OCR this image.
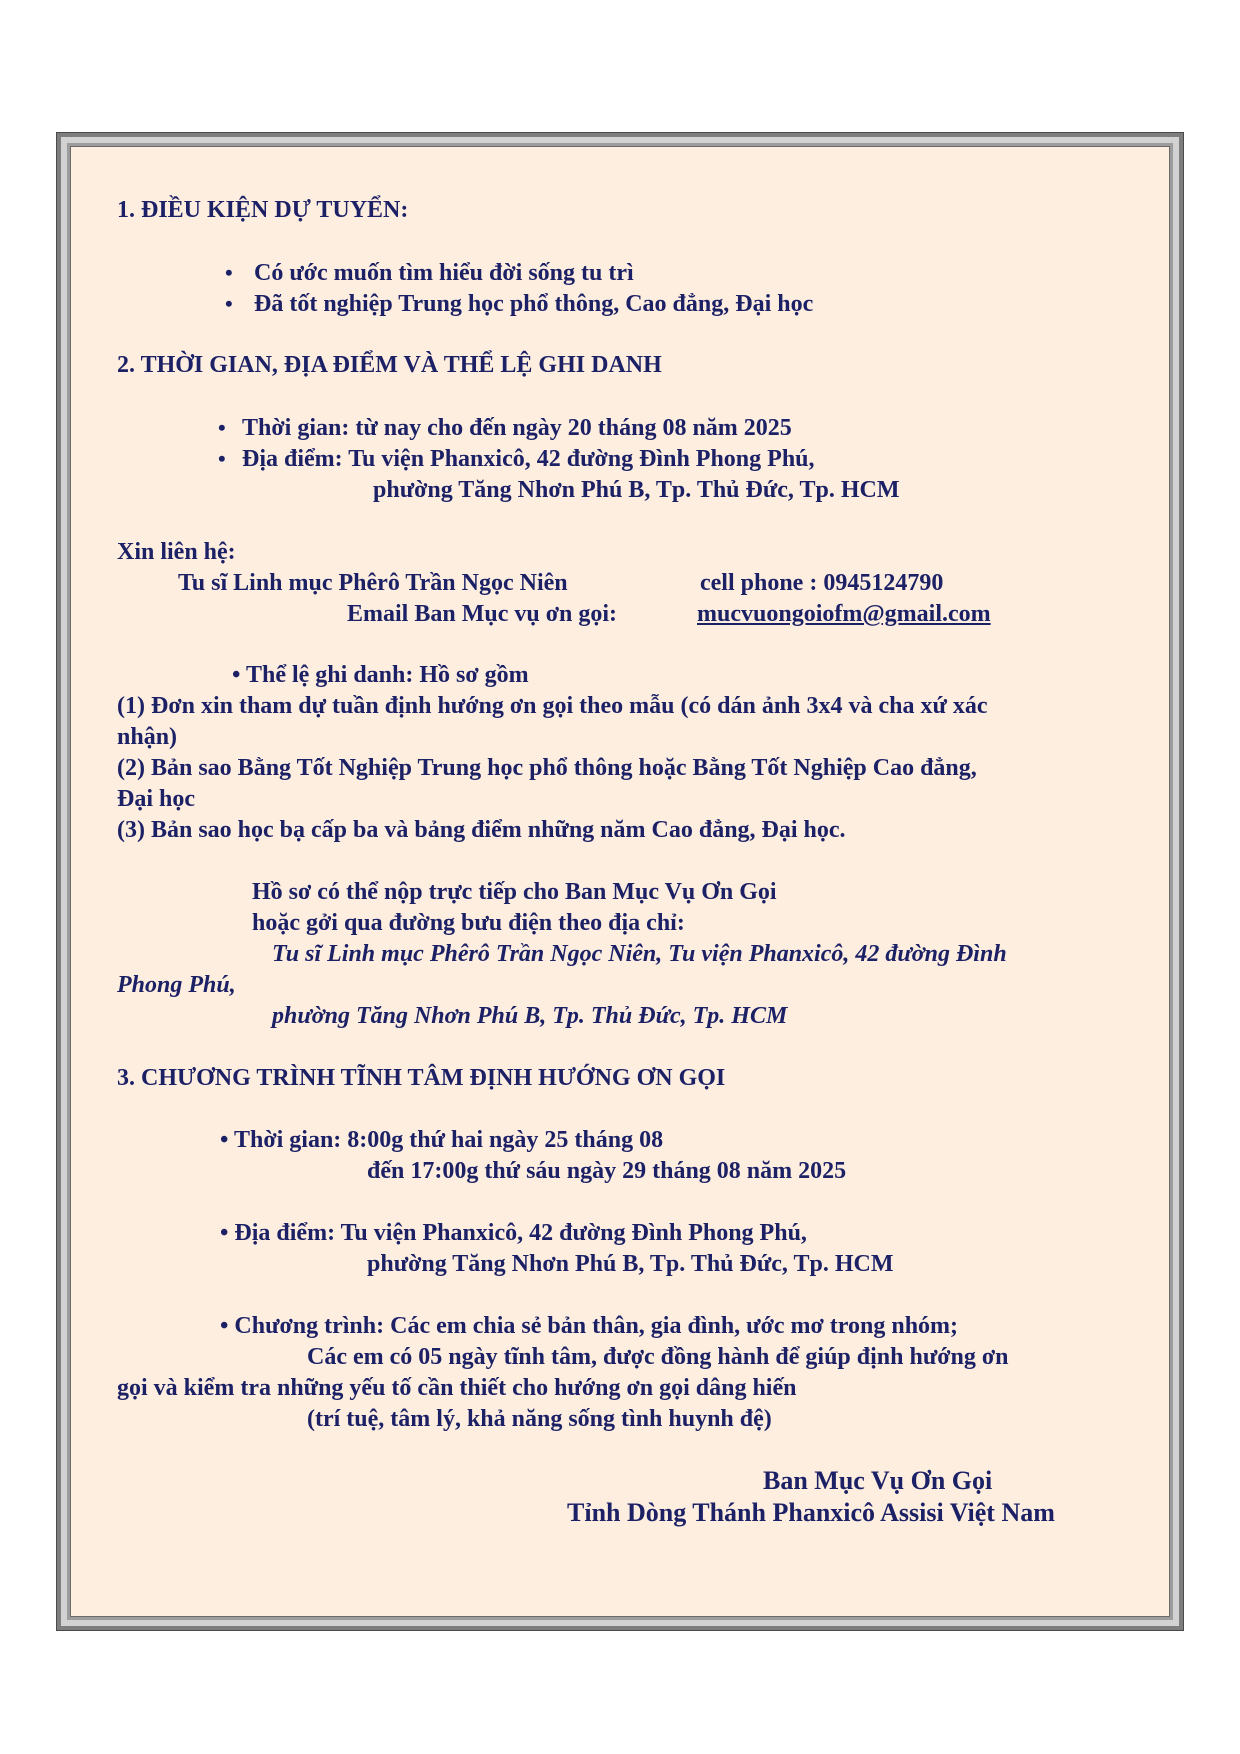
1. ĐIỀU KIỆN DỰ TUYỂN:
• Có ước muốn tìm hiểu đời sống tu trì
• Đã tốt nghiệp Trung học phổ thông, Cao đẳng, Đại học
2. THỜI GIAN, ĐỊA ĐIỂM VÀ THỂ LỆ GHI DANH
• Thời gian: từ nay cho đến ngày 20 tháng 08 năm 2025
• Địa điểm: Tu viện Phanxicô, 42 đường Đình Phong Phú,
phường Tăng Nhơn Phú B, Tp. Thủ Đức, Tp. HCM
Xin liên hệ:
Tu sĩ Linh mục Phêrô Trần Ngọc Niên	cell phone : 0945124790
Email Ban Mục vụ ơn gọi:	mucvuongoiofm@gmail.com
• Thể lệ ghi danh: Hồ sơ gồm
(1) Đơn xin tham dự tuần định hướng ơn gọi theo mẫu (có dán ảnh 3x4 và cha xứ xác
nhận)
(2) Bản sao Bằng Tốt Nghiệp Trung học phổ thông hoặc Bằng Tốt Nghiệp Cao đẳng,
Đại học
(3) Bản sao học bạ cấp ba và bảng điểm những năm Cao đẳng, Đại học.
Hồ sơ có thể nộp trực tiếp cho Ban Mục Vụ Ơn Gọi
hoặc gởi qua đường bưu điện theo địa chỉ:
Tu sĩ Linh mục Phêrô Trần Ngọc Niên, Tu viện Phanxicô, 42 đường Đình
Phong Phú,
phường Tăng Nhơn Phú B, Tp. Thủ Đức, Tp. HCM
3. CHƯƠNG TRÌNH TĨNH TÂM ĐỊNH HƯỚNG ƠN GỌI
• Thời gian: 8:00g thứ hai ngày 25 tháng 08
đến 17:00g thứ sáu ngày 29 tháng 08 năm 2025
• Địa điểm: Tu viện Phanxicô, 42 đường Đình Phong Phú,
phường Tăng Nhơn Phú B, Tp. Thủ Đức, Tp. HCM
• Chương trình: Các em chia sẻ bản thân, gia đình, ước mơ trong nhóm;
Các em có 05 ngày tĩnh tâm, được đồng hành để giúp định hướng ơn
gọi và kiểm tra những yếu tố cần thiết cho hướng ơn gọi dâng hiến
(trí tuệ, tâm lý, khả năng sống tình huynh đệ)
Ban Mục Vụ Ơn Gọi
Tỉnh Dòng Thánh Phanxicô Assisi Việt Nam
